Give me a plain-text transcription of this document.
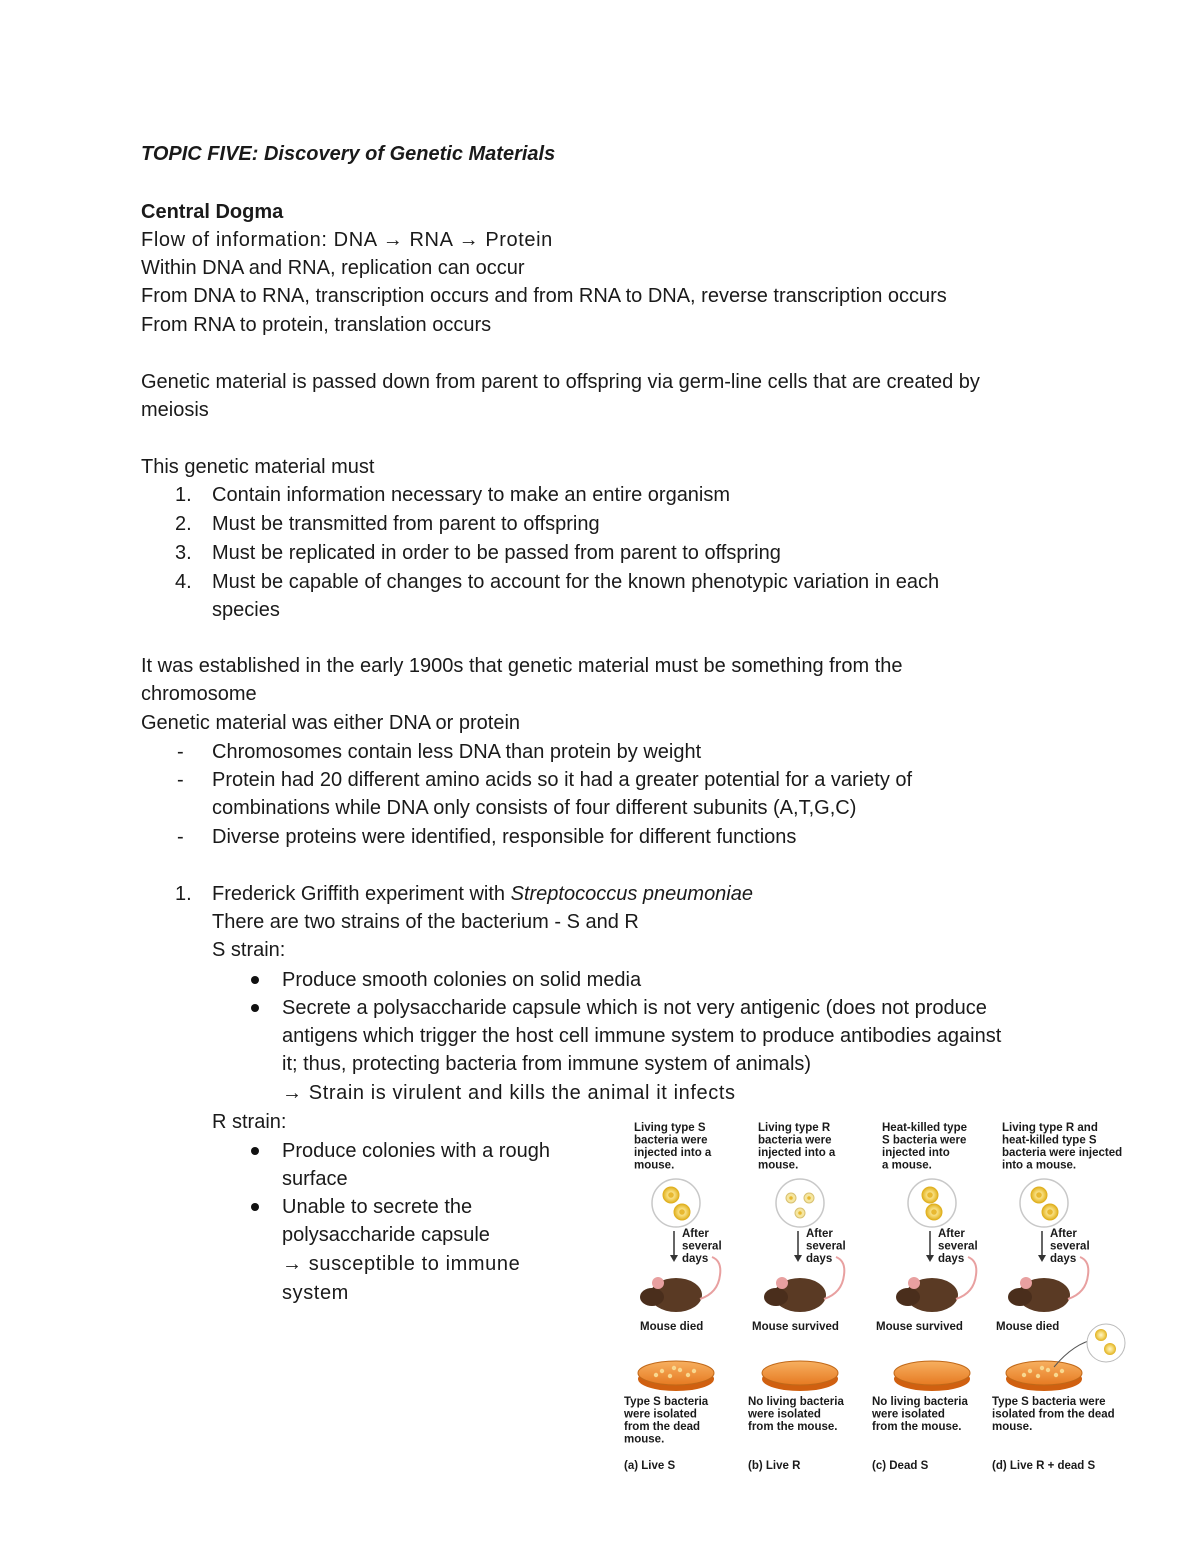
TOPIC FIVE: Discovery of Genetic Materials
Central Dogma
Flow of information: DNA → RNA → Protein
Within DNA and RNA, replication can occur
From DNA to RNA, transcription occurs and from RNA to DNA, reverse transcription occurs
From RNA to protein, translation occurs
Genetic material is passed down from parent to offspring via germ-line cells that are created by
meiosis
This genetic material must
1. Contain information necessary to make an entire organism
2. Must be transmitted from parent to offspring
3. Must be replicated in order to be passed from parent to offspring
4. Must be capable of changes to account for the known phenotypic variation in each
species
It was established in the early 1900s that genetic material must be something from the
chromosome
Genetic material was either DNA or protein
- Chromosomes contain less DNA than protein by weight
- Protein had 20 different amino acids so it had a greater potential for a variety of
combinations while DNA only consists of four different subunits (A,T,G,C)
- Diverse proteins were identified, responsible for different functions
1. Frederick Griffith experiment with Streptococcus pneumoniae
There are two strains of the bacterium - S and R
S strain:
Produce smooth colonies on solid media
Secrete a polysaccharide capsule which is not very antigenic (does not produce
antigens which trigger the host cell immune system to produce antibodies against
it; thus, protecting bacteria from immune system of animals)
→ Strain is virulent and kills the animal it infects
R strain:
Produce colonies with a rough
surface
Unable to secrete the
polysaccharide capsule
→ susceptible to immune
system
Living type S
bacteria were
injected into a
mouse.
After
several
days
Mouse died
Type S bacteria
were isolated
from the dead
mouse.
(a) Live S
Living type R
bacteria were
injected into a
mouse.
After
several
days
Mouse survived
No living bacteria
were isolated
from the mouse.
(b) Live R
Heat-killed type
S bacteria were
injected into
a mouse.
After
several
days
Mouse survived
No living bacteria
were isolated
from the mouse.
(c) Dead S
Living type R and
heat-killed type S
bacteria were injected
into a mouse.
After
several
days
Mouse died
Type S bacteria were
isolated from the dead
mouse.
(d) Live R + dead S
